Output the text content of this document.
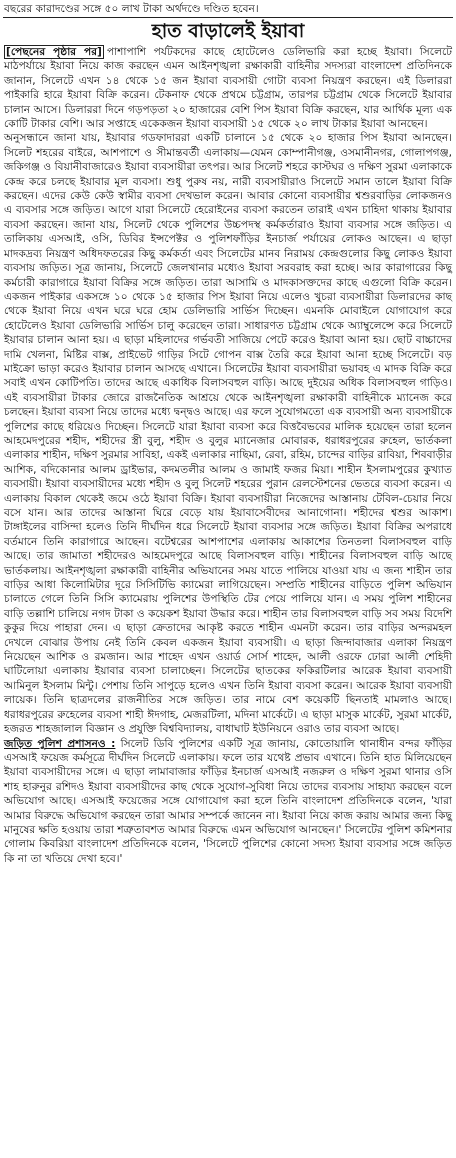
বছরের কারাদণ্ডের সঙ্গে ৫০ লাখ টাকা অর্থদণ্ডে দণ্ডিত হবেন।

হাত বাড়ালেই ইয়াবা

[পেছনের পৃষ্ঠার পর] পাশাপাশি পর্যটকদের কাছে হোটেলেও ডেলিভারি করা হচ্ছে ইয়াবা। সিলেটে মাঠপর্যায়ে ইয়াবা নিয়ে কাজ করছেন এমন আইনশৃঙ্খলা রক্ষাকারী বাহিনীর সদস্যরা বাংলাদেশ প্রতিদিনকে জানান, সিলেটে এখন ১৪ থেকে ১৫ জন ইয়াবা ব্যবসায়ী গোটা ব্যবসা নিয়ন্ত্রণ করছেন। এই ডিলাররা পাইকারি হারে ইয়াবা বিক্রি করেন। টেকনাফ থেকে প্রথমে চট্টগ্রাম, তারপর চট্টগ্রাম থেকে সিলেটে ইয়াবার চালান আসে। ডিলাররা দিনে গড়পড়তা ২০ হাজারের বেশি পিস ইয়াবা বিক্রি করছেন, যার আর্থিক মূল্য এক কোটি টাকার বেশি। আর সপ্তাহে একেকজন ইয়াবা ব্যবসায়ী ১৫ থেকে ২০ লাখ টাকার ইয়াবা আনছেন।

অনুসন্ধানে জানা যায়, ইয়াবার গডফাদাররা একটি চালানে ১৫ থেকে ২০ হাজার পিস ইয়াবা আনছেন। সিলেট শহরের বাইরে, আশপাশে ও সীমান্তবর্তী এলাকায়—যেমন কোম্পানীগঞ্জ, ওসমানীনগর, গোলাপগঞ্জ, জকিগঞ্জ ও বিয়ানীবাজারেও ইয়াবা ব্যবসায়ীরা তৎপর। আর সিলেট শহরে কাস্টঘর ও দক্ষিণ সুরমা এলাকাকে কেন্দ্র করে চলছে ইয়াবার মূল ব্যবসা। শুধু পুরুষ নয়, নারী ব্যবসায়ীরাও সিলেটে সমান তালে ইয়াবা বিক্রি করছেন। এদের কেউ কেউ স্বামীর ব্যবসা দেখভাল করেন। আবার কোনো ব্যবসায়ীর শ্বশুরবাড়ির লোকজনও এ ব্যবসার সঙ্গে জড়িত। আগে যারা সিলেটে হেরোইনের ব্যবসা করতেন তারাই এখন চাহিদা থাকায় ইয়াবার ব্যবসা করছেন। জানা যায়, সিলেট থেকে পুলিশের উচ্চপদস্থ কর্মকর্তারাও ইয়াবা ব্যবসার সঙ্গে জড়িত। এ তালিকায় এসআই, ওসি, ডিবির ইন্সপেক্টর ও পুলিশফাঁড়ির ইনচার্জ পর্যায়ের লোকও আছেন। এ ছাড়া মাদকদ্রব্য নিয়ন্ত্রণ অধিদফতরের কিছু কর্মকর্তা এবং সিলেটের মানব নিরাময় কেন্দ্রগুলোর কিছু লোকও ইয়াবা ব্যবসায় জড়িত। সূত্র জানায়, সিলেটে জেলখানার মধ্যেও ইয়াবা সরবরাহ করা হচ্ছে। আর কারাগারের কিছু কর্মচারী কারাগারে ইয়াবা বিক্রির সঙ্গে জড়িত। তারা আসামি ও মাদকাসক্তদের কাছে এগুলো বিক্রি করেন। একজন পাইকার একসঙ্গে ১০ থেকে ১৫ হাজার পিস ইয়াবা নিয়ে এলেও খুচরা ব্যবসায়ীরা ডিলারদের কাছ থেকে ইয়াবা নিয়ে এখন ঘরে ঘরে হোম ডেলিভারি সার্ভিস দিচ্ছেন। এমনকি মোবাইলে যোগাযোগ করে হোটেলেও ইয়াবা ডেলিভারি সার্ভিস চালু করেছেন তারা। সাধারণত চট্টগ্রাম থেকে অ্যাম্বুলেন্সে করে সিলেটে ইয়াবার চালান আনা হয়। এ ছাড়া মহিলাদের গর্ভবতী সাজিয়ে পেটে করেও ইয়াবা আনা হয়। ছোট বাচ্চাদের দামি খেলনা, মিষ্টির বাক্স, প্রাইভেট গাড়ির সিটে গোপন বাক্স তৈরি করে ইয়াবা আনা হচ্ছে সিলেটে। বড় মাইক্রো ভাড়া করেও ইয়াবার চালান আসছে এখানে। সিলেটের ইয়াবা ব্যবসায়ীরা ভয়াবহ এ মাদক বিক্রি করে সবাই এখন কোটিপতি। তাদের আছে একাধিক বিলাসবহুল বাড়ি। আছে দুইয়ের অধিক বিলাসবহুল গাড়িও। এই ব্যবসায়ীরা টাকার জোরে রাজনৈতিক আশ্রয়ে থেকে আইনশৃঙ্খলা রক্ষাকারী বাহিনীকে ম্যানেজ করে চলছেন। ইয়াবা ব্যবসা নিয়ে তাদের মধ্যে দ্বন্দ্বও আছে। এর ফলে সুযোগমতো এক ব্যবসায়ী অন্য ব্যবসায়ীকে পুলিশের কাছে ধরিয়েও দিচ্ছেন। সিলেটে যারা ইয়াবা ব্যবসা করে বিত্তবৈভবের মালিক হয়েছেন তারা হলেন আহমেদপুরের শহীদ, শহীদের স্ত্রী বুলু, শহীদ ও বুলুর ম্যানেজার মোবারক, ধরাধরপুরের রুহেল, ভার্তকলা এলাকার শাহীন, দক্ষিণ সুরমার সাবিহা, একই এলাকার নাছিমা, রেবা, রহিম, চান্দের বাড়ির রাবিয়া, শিববাড়ীর আশিক, বদিকোনার আলম ড্রাইভার, কদমতলীর আলম ও জামাই ফজর মিয়া। শাহীন ইসলামপুরের কুখ্যাত ব্যবসায়ী। ইয়াবা ব্যবসায়ীদের মধ্যে শহীদ ও বুলু সিলেট শহরের পুরান রেলস্টেশনের ভেতরে ব্যবসা করেন। এ এলাকায় বিকাল থেকেই জমে ওঠে ইয়াবা বিক্রি। ইয়াবা ব্যবসায়ীরা নিজেদের আস্তানায় টেবিল-চেয়ার নিয়ে বসে যান। আর তাদের আস্তানা ঘিরে বেড়ে যায় ইয়াবাসেবীদের আনাগোনা। শহীদের শ্বশুর আকাশ। টাঙ্গাইলের বাসিন্দা হলেও তিনি দীর্ঘদিন ধরে সিলেটে ইয়াবা ব্যবসার সঙ্গে জড়িত। ইয়াবা বিক্রির অপরাধে বর্তমানে তিনি কারাগারে আছেন। বটেশ্বরের আশপাশের এলাকায় আকাশের তিনতলা বিলাসবহুল বাড়ি আছে। তার জামাতা শহীদেরও আহমেদপুরে আছে বিলাসবহুল বাড়ি। শাহীনের বিলাসবহুল বাড়ি আছে ভার্তকলায়। আইনশৃঙ্খলা রক্ষাকারী বাহিনীর অভিযানের সময় যাতে পালিয়ে যাওয়া যায় এ জন্য শাহীন তার বাড়ির আধা কিলোমিটার দূরে সিসিটিভি ক্যামেরা লাগিয়েছেন। সম্প্রতি শাহীনের বাড়িতে পুলিশ অভিযান চালাতে গেলে তিনি সিসি ক্যামেরায় পুলিশের উপস্থিতি টের পেয়ে পালিয়ে যান। এ সময় পুলিশ শাহীনের বাড়ি তল্লাশি চালিয়ে নগদ টাকা ও কয়েকশ ইয়াবা উদ্ধার করে। শাহীন তার বিলাসবহুল বাড়ি সব সময় বিদেশি কুকুর দিয়ে পাহারা দেন। এ ছাড়া ক্রেতাদের আকৃষ্ট করতে শাহীন এমনটা করেন। তার বাড়ির অন্দরমহল দেখলে বোঝার উপায় নেই তিনি কেবল একজন ইয়াবা ব্যবসায়ী। এ ছাড়া জিন্দাবাজার এলাকা নিয়ন্ত্রণ নিয়েছেন আশিক ও রমজান। আর শাহেদ এখন ওয়ার্ড সোর্স শাহেদ, আলী ওরফে ঢোরা আলী শেহিদী ঘাটিলোয়া এলাকায় ইয়াবার ব্যবসা চালাচ্ছেন। সিলেটের ছাতকের ফকিরটিলার আরেক ইয়াবা ব্যবসায়ী আমিনুল ইসলাম মিন্টু। পেশায় তিনি সাপুড়ে হলেও এখন তিনি ইয়াবা ব্যবসা করেন। আরেক ইয়াবা ব্যবসায়ী লায়েক। তিনি ছাত্রদলের রাজনীতির সঙ্গে জড়িত। তার নামে বেশ কয়েকটি ছিনতাই মামলাও আছে। ধরাধরপুরের রুহেলের ব্যবসা শাহী ঈদগাহ, মেজরটিলা, মদিনা মার্কেটে। এ ছাড়া মাসুক মার্কেট, সুরমা মার্কেট, হজরত শাহজালাল বিজ্ঞান ও প্রযুক্তি বিশ্ববিদ্যালয়, বাধাঘাট ইউনিয়নে ওরাও তার ব্যবসা আছে।

জড়িত পুলিশ প্রশাসনও : সিলেট ডিবি পুলিশের একটি সূত্র জানায়, কোতোয়ালি থানাধীন বন্দর ফাঁড়ির এসআই ফয়েজ কর্মসূত্রে দীর্ঘদিন সিলেটে এলাকায়। ফলে তার যথেষ্ট প্রভাব এখানে। তিনি হাত মিলিয়েছেন ইয়াবা ব্যবসায়ীদের সঙ্গে। এ ছাড়া লামাবাজার ফাঁড়ির ইনচার্জ এসআই নজরুল ও দক্ষিণ সুরমা থানার ওসি শাহ হারুনুর রশিদও ইয়াবা ব্যবসায়ীদের কাছ থেকে সুযোগ-সুবিধা নিয়ে তাদের ব্যবসায় সাহায্য করছেন বলে অভিযোগ আছে। এসআই ফয়েজের সঙ্গে যোগাযোগ করা হলে তিনি বাংলাদেশ প্রতিদিনকে বলেন, 'যারা আমার বিরুদ্ধে অভিযোগ করছেন তারা আমার সম্পর্কে জানেন না। ইয়াবা নিয়ে কাজ করায় আমার জন্য কিছু মানুষের ক্ষতি হওয়ায় তারা শত্রুতাবশত আমার বিরুদ্ধে এমন অভিযোগ আনছেন।' সিলেটের পুলিশ কমিশনার গোলাম কিবরিয়া বাংলাদেশ প্রতিদিনকে বলেন, 'সিলেটে পুলিশের কোনো সদস্য ইয়াবা ব্যবসার সঙ্গে জড়িত কি না তা খতিয়ে দেখা হবে।'
